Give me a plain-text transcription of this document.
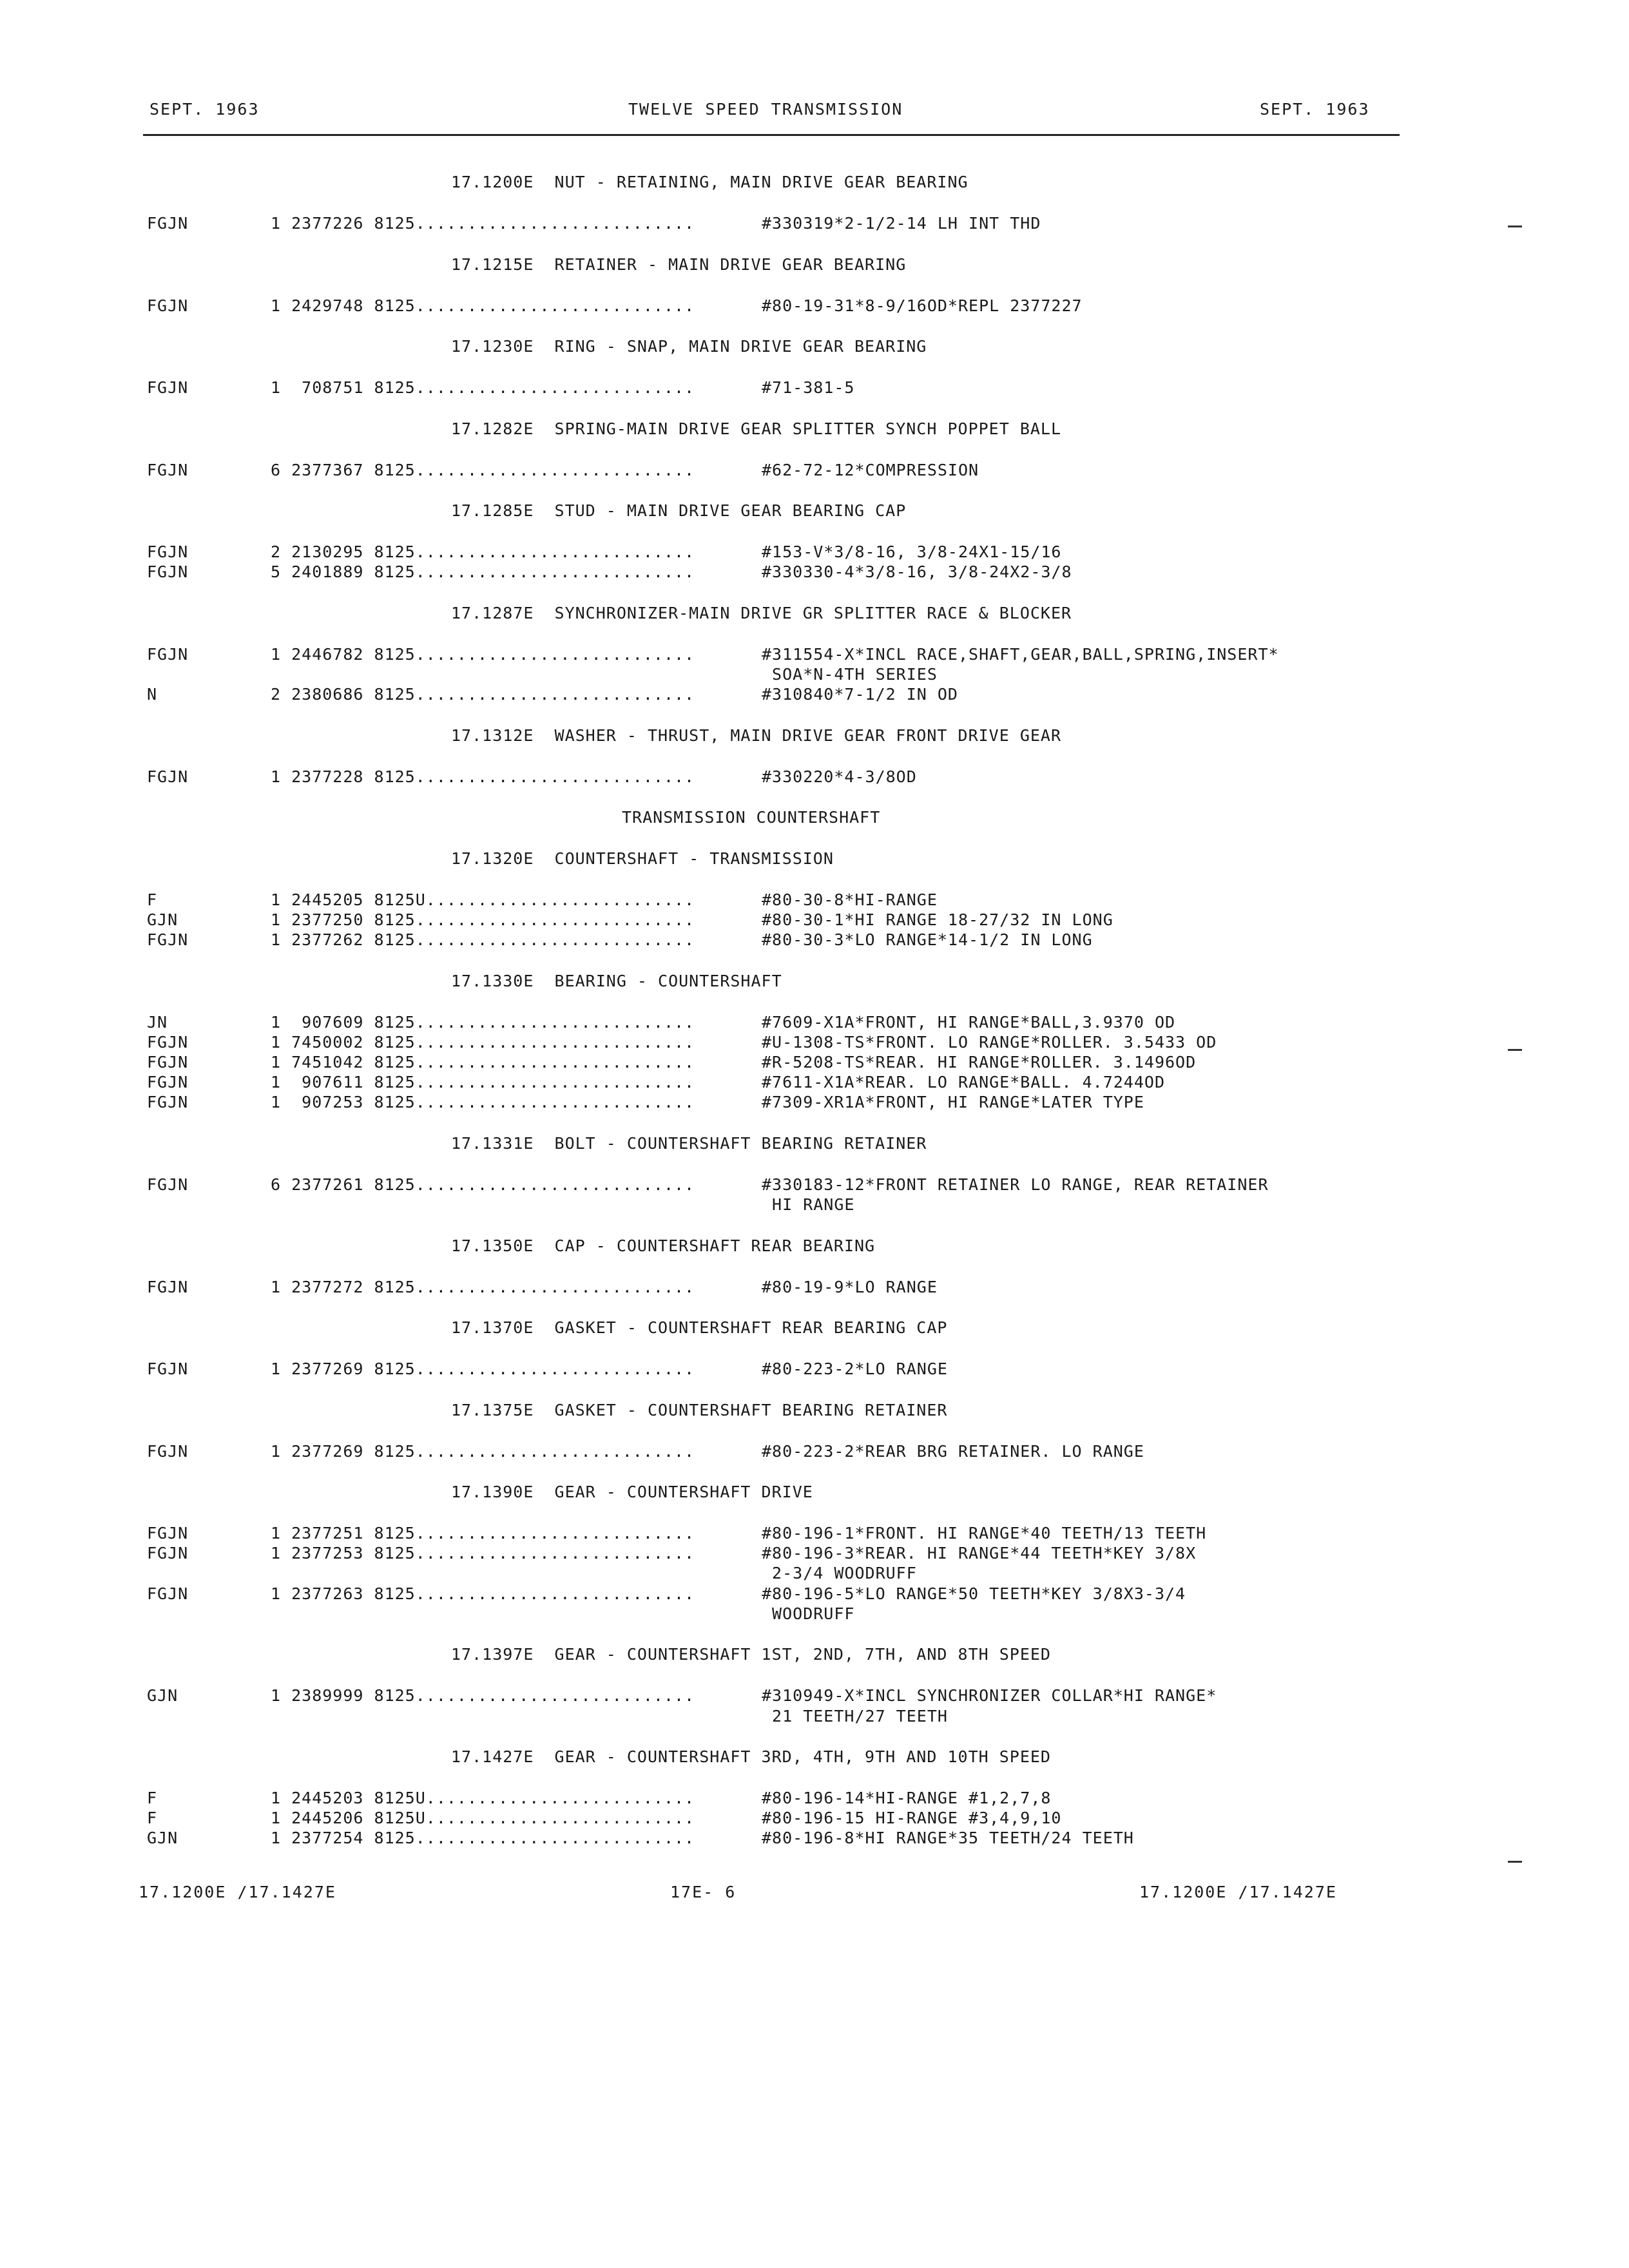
SEPT. 1963	TWELVE SPEED TRANSMISSION	SEPT. 1963
17.1200E  NUT - RETAINING, MAIN DRIVE GEAR BEARING
FGJN	1 2377226 8125...........................	#330319*2-1/2-14 LH INT THD
17.1215E  RETAINER - MAIN DRIVE GEAR BEARING
FGJN	1 2429748 8125...........................	#80-19-31*8-9/16OD*REPL 2377227
17.1230E  RING - SNAP, MAIN DRIVE GEAR BEARING
FGJN	1  708751 8125...........................	#71-381-5
17.1282E  SPRING-MAIN DRIVE GEAR SPLITTER SYNCH POPPET BALL
FGJN	6 2377367 8125...........................	#62-72-12*COMPRESSION
17.1285E  STUD - MAIN DRIVE GEAR BEARING CAP
FGJN	2 2130295 8125...........................	#153-V*3/8-16, 3/8-24X1-15/16
FGJN	5 2401889 8125...........................	#330330-4*3/8-16, 3/8-24X2-3/8
17.1287E  SYNCHRONIZER-MAIN DRIVE GR SPLITTER RACE & BLOCKER
FGJN	1 2446782 8125...........................	#311554-X*INCL RACE,SHAFT,GEAR,BALL,SPRING,INSERT*
SOA*N-4TH SERIES
N	2 2380686 8125...........................	#310840*7-1/2 IN OD
17.1312E  WASHER - THRUST, MAIN DRIVE GEAR FRONT DRIVE GEAR
FGJN	1 2377228 8125...........................	#330220*4-3/8OD
TRANSMISSION COUNTERSHAFT
17.1320E  COUNTERSHAFT - TRANSMISSION
F	1 2445205 8125U..........................	#80-30-8*HI-RANGE
GJN	1 2377250 8125...........................	#80-30-1*HI RANGE 18-27/32 IN LONG
FGJN	1 2377262 8125...........................	#80-30-3*LO RANGE*14-1/2 IN LONG
17.1330E  BEARING - COUNTERSHAFT
JN	1  907609 8125...........................	#7609-X1A*FRONT, HI RANGE*BALL,3.9370 OD
FGJN	1 7450002 8125...........................	#U-1308-TS*FRONT. LO RANGE*ROLLER. 3.5433 OD
FGJN	1 7451042 8125...........................	#R-5208-TS*REAR. HI RANGE*ROLLER. 3.1496OD
FGJN	1  907611 8125...........................	#7611-X1A*REAR. LO RANGE*BALL. 4.7244OD
FGJN	1  907253 8125...........................	#7309-XR1A*FRONT, HI RANGE*LATER TYPE
17.1331E  BOLT - COUNTERSHAFT BEARING RETAINER
FGJN	6 2377261 8125...........................	#330183-12*FRONT RETAINER LO RANGE, REAR RETAINER
HI RANGE
17.1350E  CAP - COUNTERSHAFT REAR BEARING
FGJN	1 2377272 8125...........................	#80-19-9*LO RANGE
17.1370E  GASKET - COUNTERSHAFT REAR BEARING CAP
FGJN	1 2377269 8125...........................	#80-223-2*LO RANGE
17.1375E  GASKET - COUNTERSHAFT BEARING RETAINER
FGJN	1 2377269 8125...........................	#80-223-2*REAR BRG RETAINER. LO RANGE
17.1390E  GEAR - COUNTERSHAFT DRIVE
FGJN	1 2377251 8125...........................	#80-196-1*FRONT. HI RANGE*40 TEETH/13 TEETH
FGJN	1 2377253 8125...........................	#80-196-3*REAR. HI RANGE*44 TEETH*KEY 3/8X
2-3/4 WOODRUFF
FGJN	1 2377263 8125...........................	#80-196-5*LO RANGE*50 TEETH*KEY 3/8X3-3/4
WOODRUFF
17.1397E  GEAR - COUNTERSHAFT 1ST, 2ND, 7TH, AND 8TH SPEED
GJN	1 2389999 8125...........................	#310949-X*INCL SYNCHRONIZER COLLAR*HI RANGE*
21 TEETH/27 TEETH
17.1427E  GEAR - COUNTERSHAFT 3RD, 4TH, 9TH AND 10TH SPEED
F	1 2445203 8125U..........................	#80-196-14*HI-RANGE #1,2,7,8
F	1 2445206 8125U..........................	#80-196-15 HI-RANGE #3,4,9,10
GJN	1 2377254 8125...........................	#80-196-8*HI RANGE*35 TEETH/24 TEETH
17.1200E /17.1427E	17E- 6	17.1200E /17.1427E
